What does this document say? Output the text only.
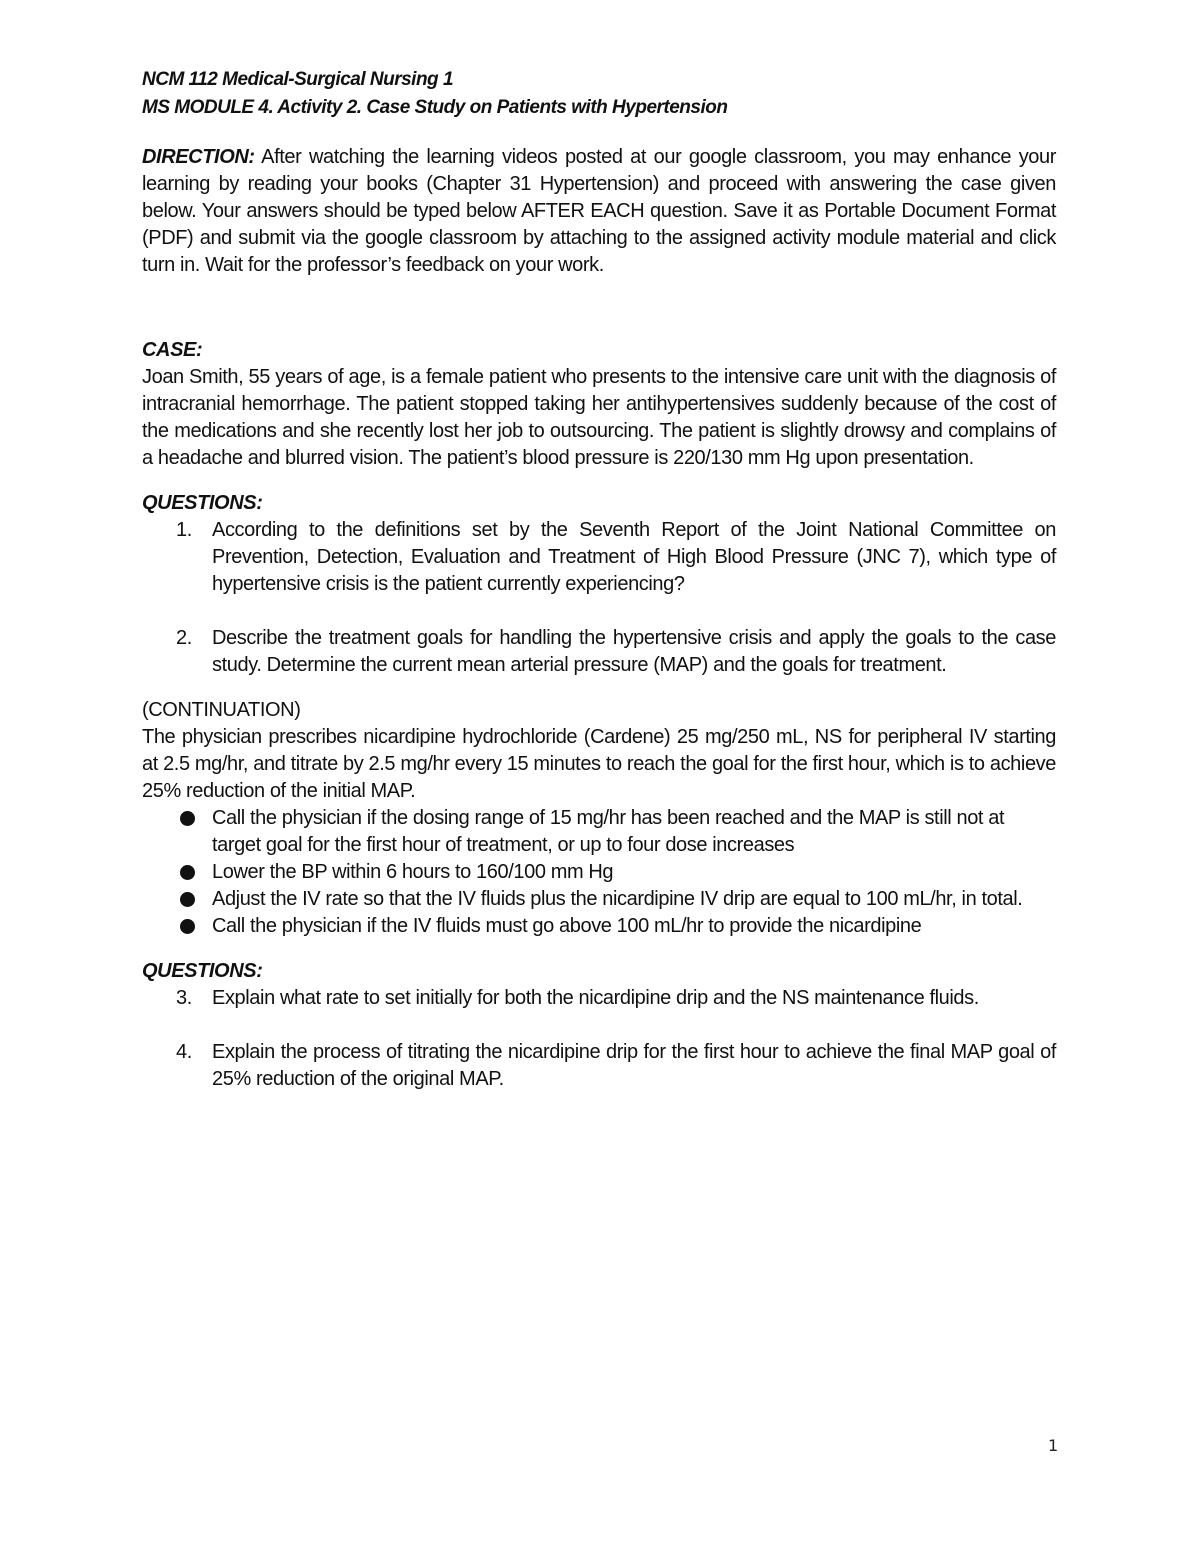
NCM 112 Medical-Surgical Nursing 1
MS MODULE 4. Activity 2. Case Study on Patients with Hypertension

DIRECTION: After watching the learning videos posted at our google classroom, you may enhance your learning by reading your books (Chapter 31 Hypertension) and proceed with answering the case given below. Your answers should be typed below AFTER EACH question. Save it as Portable Document Format (PDF) and submit via the google classroom by attaching to the assigned activity module material and click turn in. Wait for the professor’s feedback on your work.

CASE:

Joan Smith, 55 years of age, is a female patient who presents to the intensive care unit with the diagnosis of intracranial hemorrhage. The patient stopped taking her antihypertensives suddenly because of the cost of the medications and she recently lost her job to outsourcing. The patient is slightly drowsy and complains of a headache and blurred vision. The patient’s blood pressure is 220/130 mm Hg upon presentation.

QUESTIONS:
1. According to the definitions set by the Seventh Report of the Joint National Committee on Prevention, Detection, Evaluation and Treatment of High Blood Pressure (JNC 7), which type of hypertensive crisis is the patient currently experiencing?
2. Describe the treatment goals for handling the hypertensive crisis and apply the goals to the case study. Determine the current mean arterial pressure (MAP) and the goals for treatment.
(CONTINUATION)

The physician prescribes nicardipine hydrochloride (Cardene) 25 mg/250 mL, NS for peripheral IV starting at 2.5 mg/hr, and titrate by 2.5 mg/hr every 15 minutes to reach the goal for the first hour, which is to achieve 25% reduction of the initial MAP.

Call the physician if the dosing range of 15 mg/hr has been reached and the MAP is still not at target goal for the first hour of treatment, or up to four dose increases
Lower the BP within 6 hours to 160/100 mm Hg
Adjust the IV rate so that the IV fluids plus the nicardipine IV drip are equal to 100 mL/hr, in total.
Call the physician if the IV fluids must go above 100 mL/hr to provide the nicardipine
QUESTIONS:
3. Explain what rate to set initially for both the nicardipine drip and the NS maintenance fluids.
4. Explain the process of titrating the nicardipine drip for the first hour to achieve the final MAP goal of 25% reduction of the original MAP.
1
